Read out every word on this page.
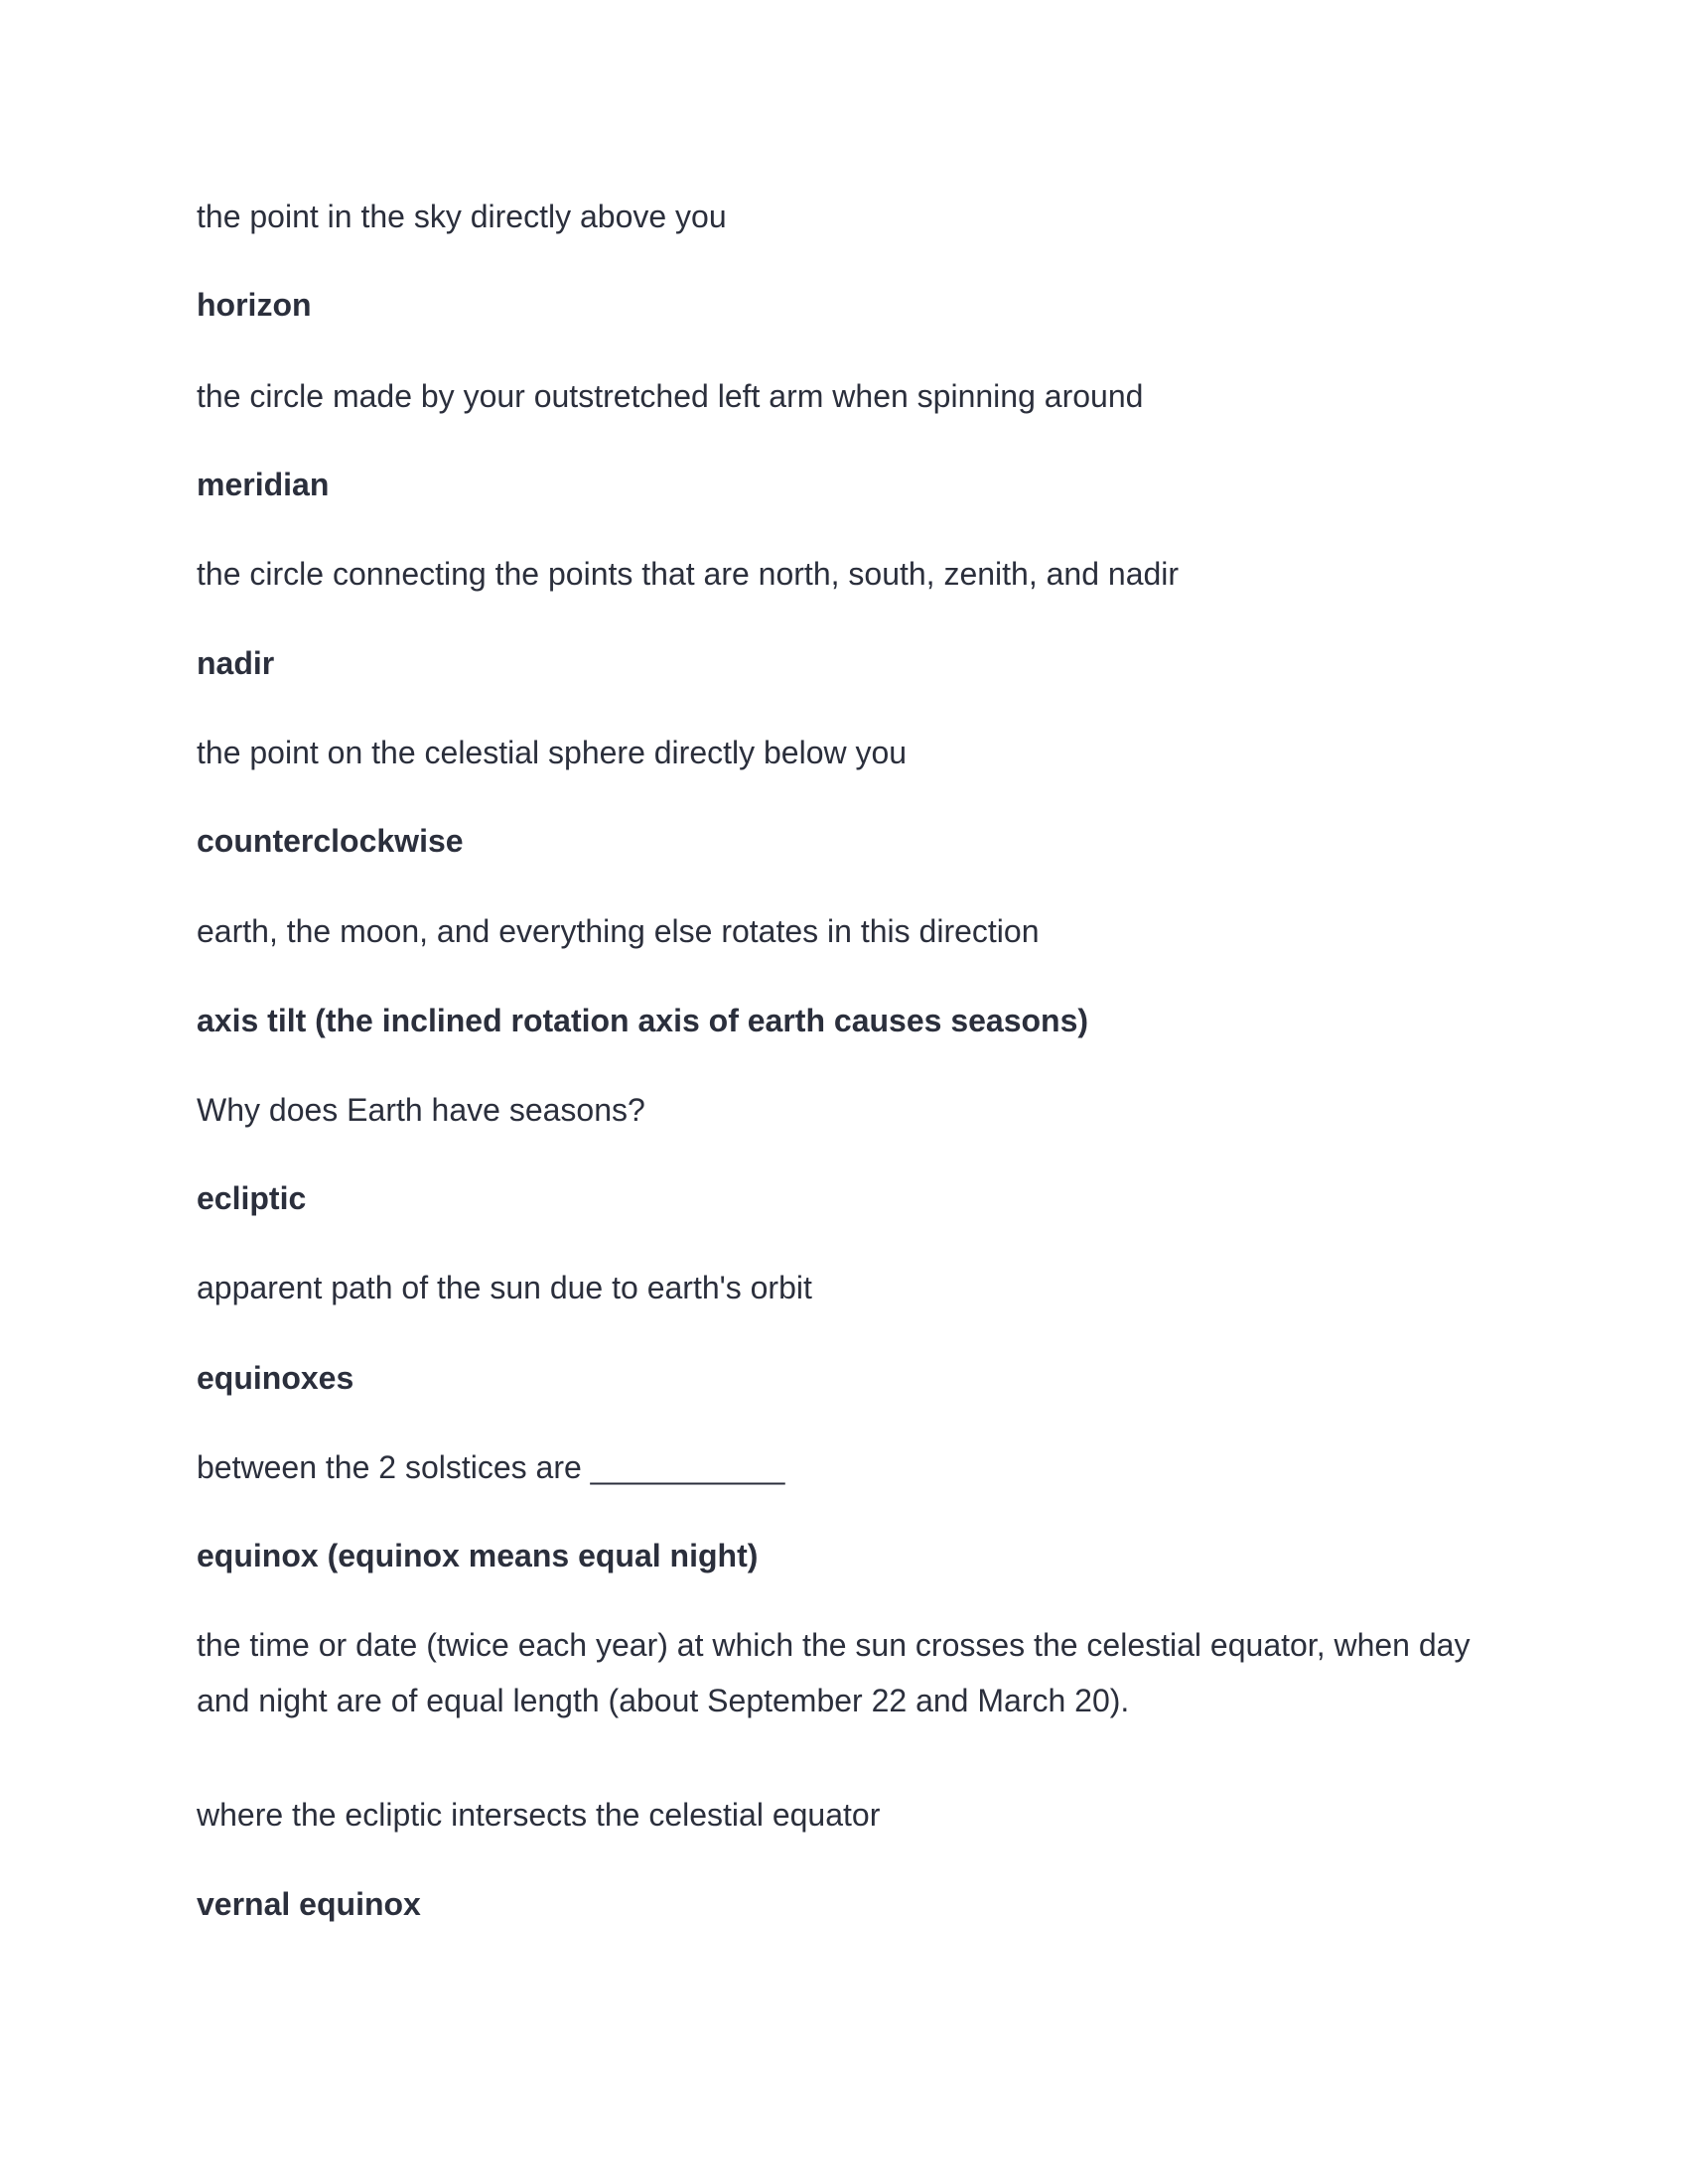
the point in the sky directly above you

horizon

the circle made by your outstretched left arm when spinning around

meridian

the circle connecting the points that are north, south, zenith, and nadir

nadir

the point on the celestial sphere directly below you

counterclockwise

earth, the moon, and everything else rotates in this direction

axis tilt (the inclined rotation axis of earth causes seasons)

Why does Earth have seasons?

ecliptic

apparent path of the sun due to earth's orbit

equinoxes

between the 2 solstices are ___________

equinox (equinox means equal night)

the time or date (twice each year) at which the sun crosses the celestial equator, when day and night are of equal length (about September 22 and March 20).

where the ecliptic intersects the celestial equator

vernal equinox
